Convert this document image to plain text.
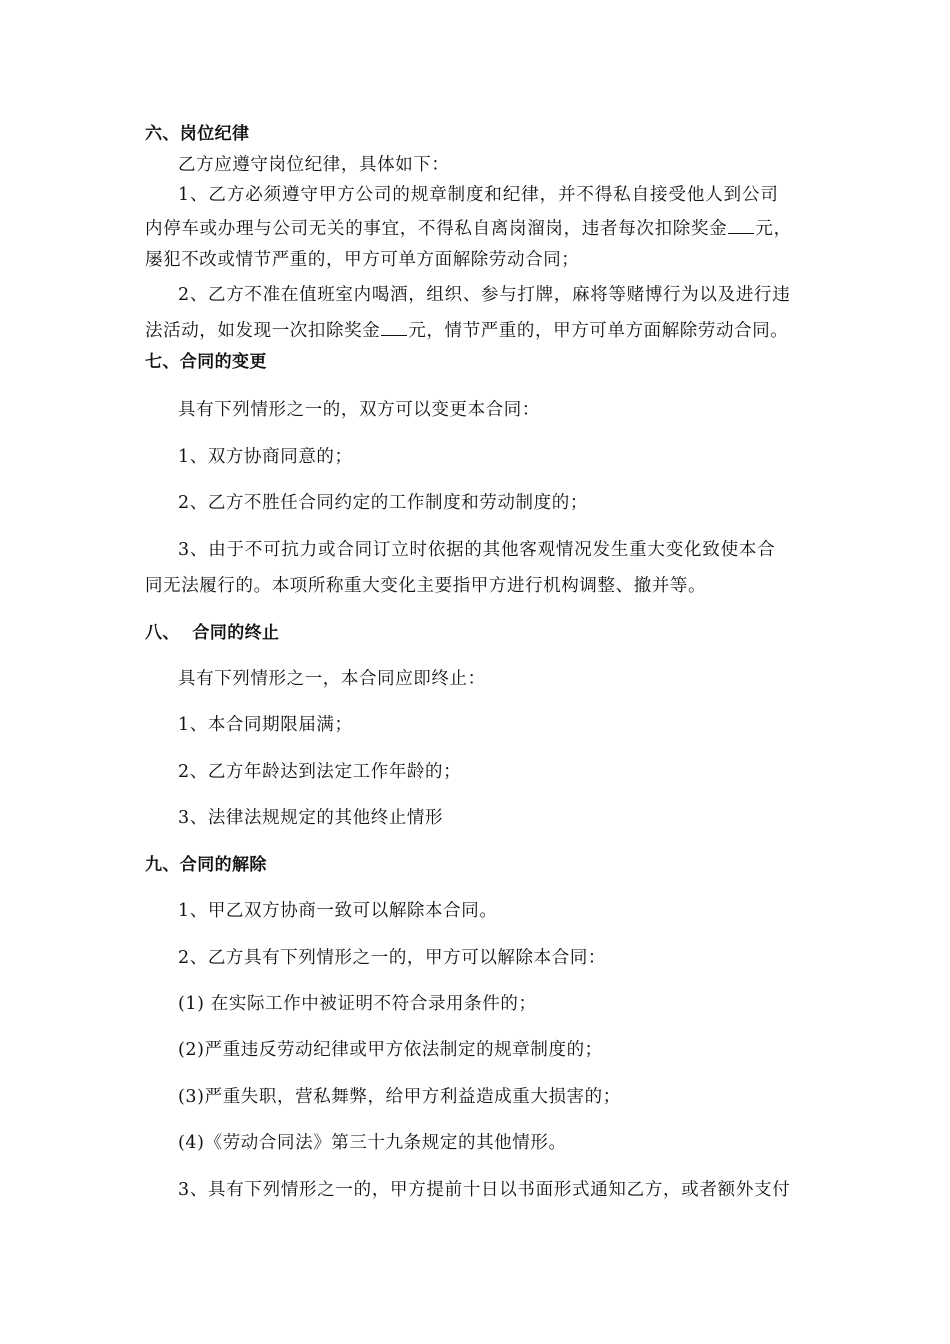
六、岗位纪律
乙方应遵守岗位纪律，具体如下：
1、乙方必须遵守甲方公司的规章制度和纪律，并不得私自接受他人到公司
内停车或办理与公司无关的事宜，不得私自离岗溜岗，违者每次扣除奖金 元，
屡犯不改或情节严重的，甲方可单方面解除劳动合同；
2、乙方不准在值班室内喝酒，组织、参与打牌，麻将等赌博行为以及进行违
法活动，如发现一次扣除奖金 元，情节严重的，甲方可单方面解除劳动合同。
七、合同的变更
具有下列情形之一的，双方可以变更本合同：
1、双方协商同意的；
2、乙方不胜任合同约定的工作制度和劳动制度的；
3、由于不可抗力或合同订立时依据的其他客观情况发生重大变化致使本合
同无法履行的。本项所称重大变化主要指甲方进行机构调整、撤并等。
八、  合同的终止
具有下列情形之一，本合同应即终止：
1、本合同期限届满；
2、乙方年龄达到法定工作年龄的；
3、法律法规规定的其他终止情形
九、合同的解除
1、甲乙双方协商一致可以解除本合同。
2、乙方具有下列情形之一的，甲方可以解除本合同：
(1) 在实际工作中被证明不符合录用条件的；
(2)严重违反劳动纪律或甲方依法制定的规章制度的；
(3)严重失职，营私舞弊，给甲方利益造成重大损害的；
(4)《劳动合同法》第三十九条规定的其他情形。
3、具有下列情形之一的，甲方提前十日以书面形式通知乙方，或者额外支付
